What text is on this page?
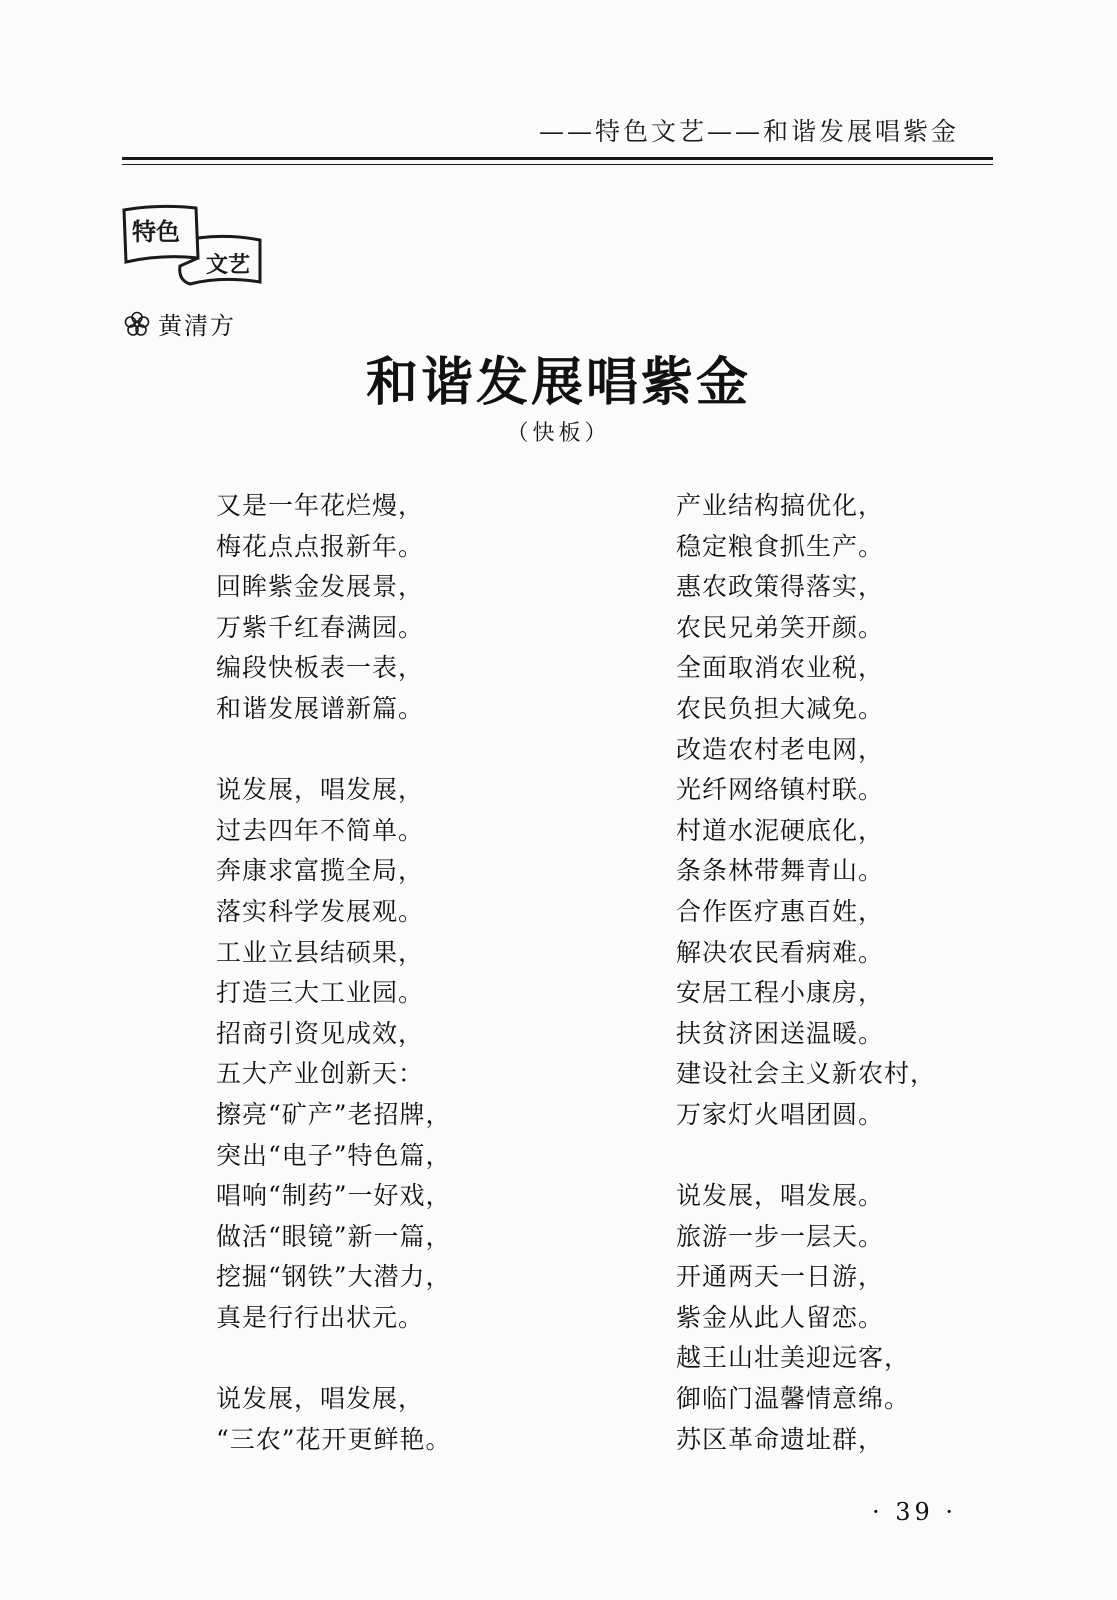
——特色文艺——和谐发展唱紫金
特色
文艺
黄清方
和谐发展唱紫金
（快板）
又是一年花烂熳，
梅花点点报新年。
回眸紫金发展景，
万紫千红春满园。
编段快板表一表，
和谐发展谱新篇。
说发展，唱发展，
过去四年不简单。
奔康求富揽全局，
落实科学发展观。
工业立县结硕果，
打造三大工业园。
招商引资见成效，
五大产业创新天：
擦亮“矿产”老招牌，
突出“电子”特色篇，
唱响“制药”一好戏，
做活“眼镜”新一篇，
挖掘“钢铁”大潜力，
真是行行出状元。
说发展，唱发展，
“三农”花开更鲜艳。
产业结构搞优化，
稳定粮食抓生产。
惠农政策得落实，
农民兄弟笑开颜。
全面取消农业税，
农民负担大减免。
改造农村老电网，
光纤网络镇村联。
村道水泥硬底化，
条条林带舞青山。
合作医疗惠百姓，
解决农民看病难。
安居工程小康房，
扶贫济困送温暖。
建设社会主义新农村，
万家灯火唱团圆。
说发展，唱发展。
旅游一步一层天。
开通两天一日游，
紫金从此人留恋。
越王山壮美迎远客，
御临门温馨情意绵。
苏区革命遗址群，
· 39 ·
